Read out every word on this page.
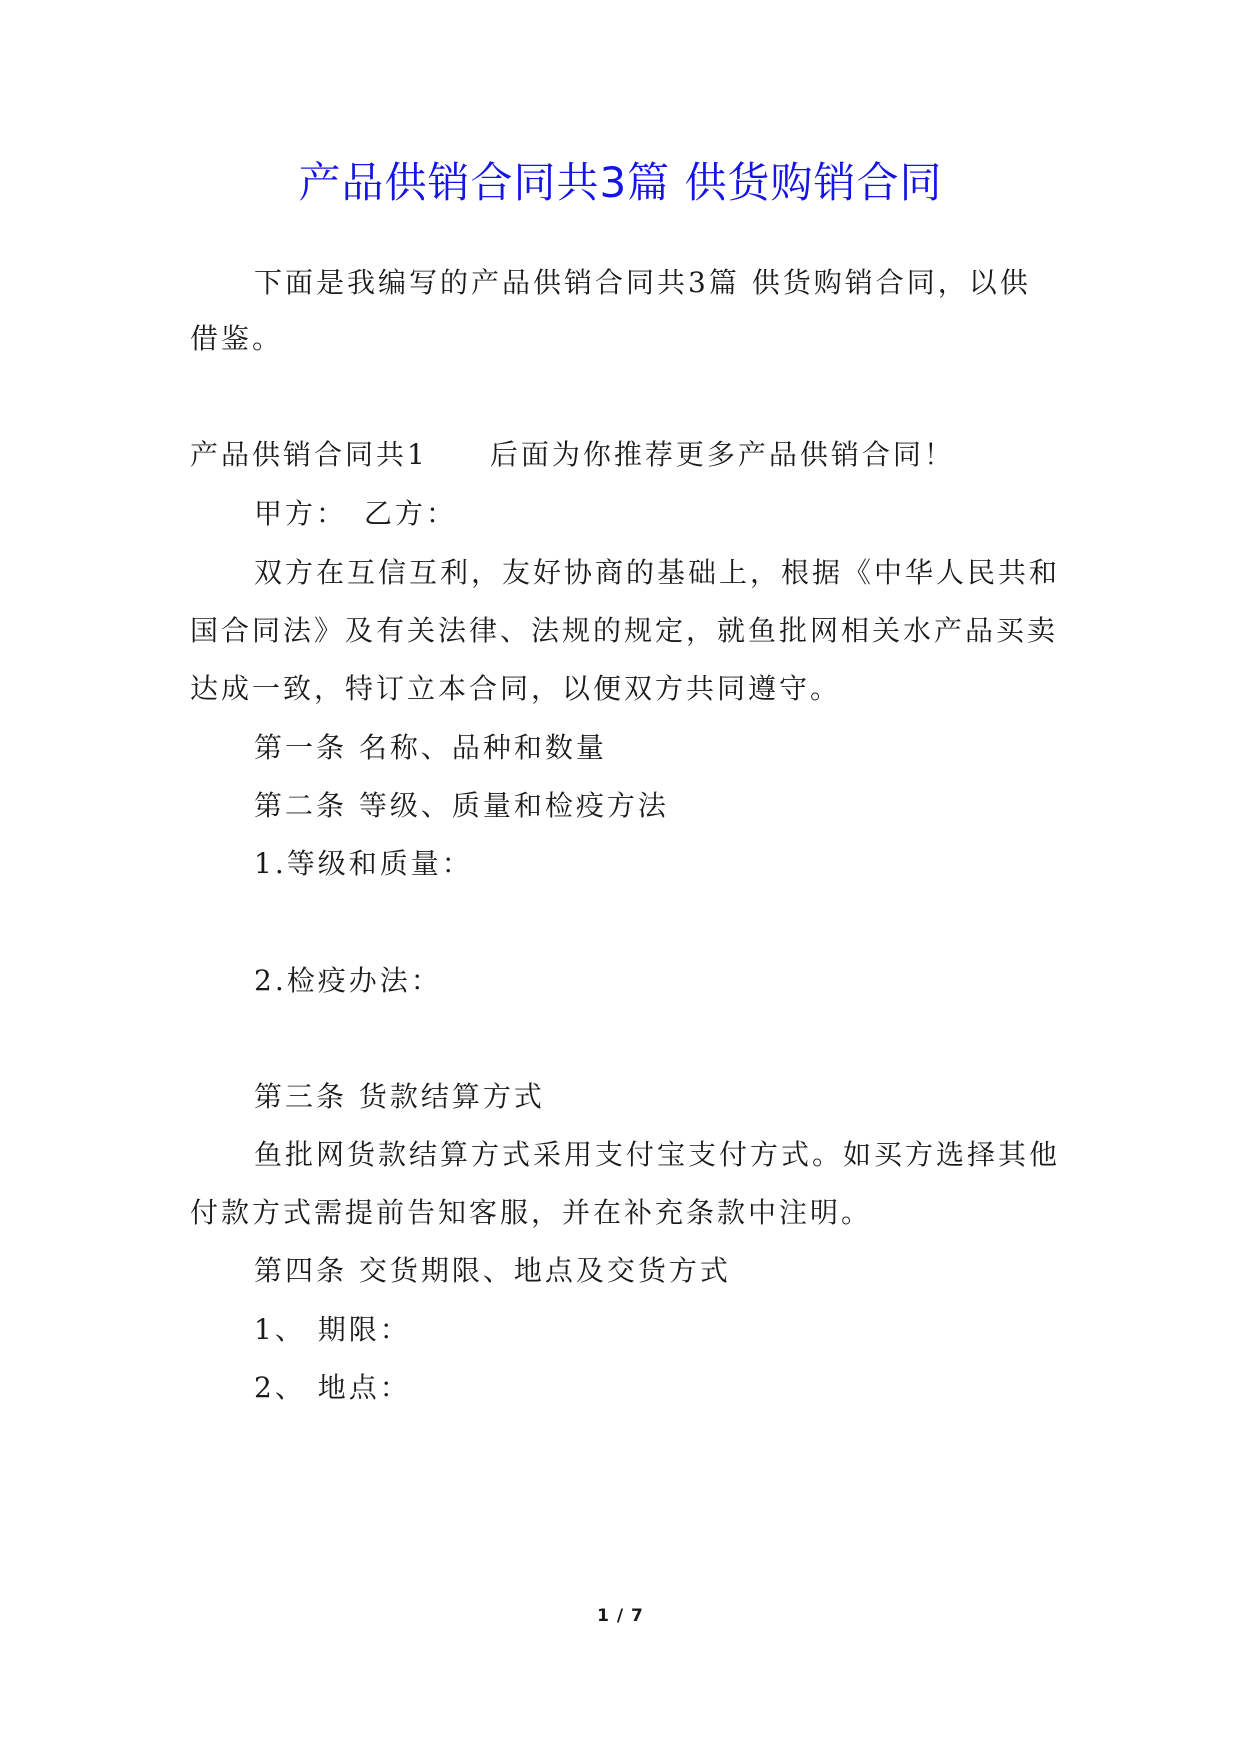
产品供销合同共3篇 供货购销合同
下面是我编写的产品供销合同共3篇 供货购销合同，以供
借鉴。
产品供销合同共1　　后面为你推荐更多产品供销合同！
甲方：　乙方：
双方在互信互利，友好协商的基础上，根据《中华人民共和
国合同法》及有关法律、法规的规定，就鱼批网相关水产品买卖
达成一致，特订立本合同，以便双方共同遵守。
第一条 名称、品种和数量
第二条 等级、质量和检疫方法
1.等级和质量：
2.检疫办法：
第三条 货款结算方式
鱼批网货款结算方式采用支付宝支付方式。如买方选择其他
付款方式需提前告知客服，并在补充条款中注明。
第四条 交货期限、地点及交货方式
1、 期限：
2、 地点：
1 / 7
